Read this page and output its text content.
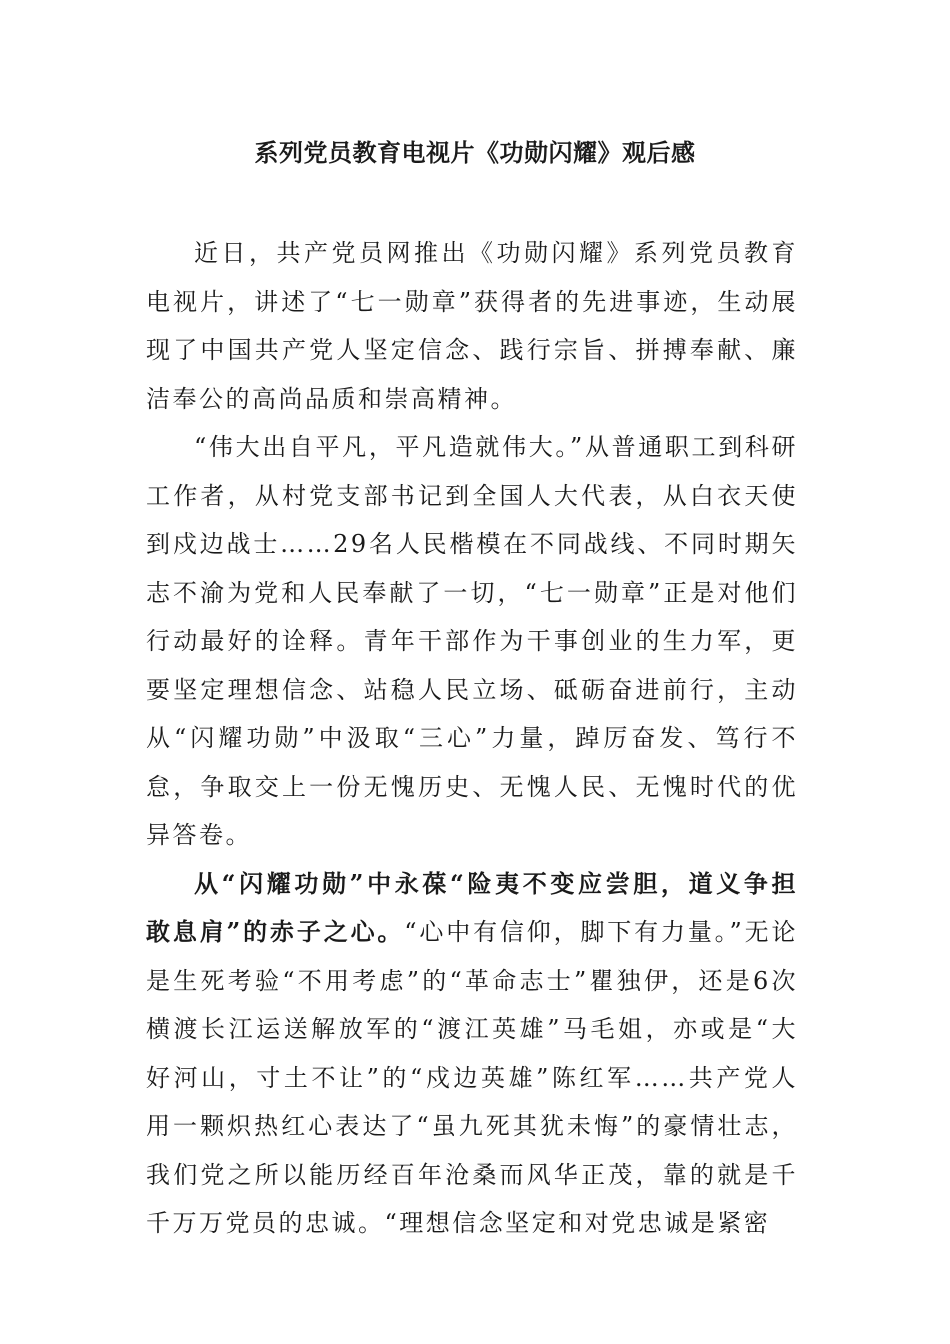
系列党员教育电视片《功勋闪耀》观后感

近日，共产党员网推出《功勋闪耀》系列党员教育电视片，讲述了“七一勋章”获得者的先进事迹，生动展现了中国共产党人坚定信念、践行宗旨、拼搏奉献、廉洁奉公的高尚品质和崇高精神。

“伟大出自平凡，平凡造就伟大。”从普通职工到科研工作者，从村党支部书记到全国人大代表，从白衣天使到戍边战士……29名人民楷模在不同战线、不同时期矢志不渝为党和人民奉献了一切，“七一勋章”正是对他们行动最好的诠释。青年干部作为干事创业的生力军，更要坚定理想信念、站稳人民立场、砥砺奋进前行，主动从“闪耀功勋”中汲取“三心”力量，踔厉奋发、笃行不怠，争取交上一份无愧历史、无愧人民、无愧时代的优异答卷。

从“闪耀功勋”中永葆“险夷不变应尝胆，道义争担敢息肩”的赤子之心。“心中有信仰，脚下有力量。”无论是生死考验“不用考虑”的“革命志士”瞿独伊，还是6次横渡长江运送解放军的“渡江英雄”马毛姐，亦或是“大好河山，寸土不让”的“戍边英雄”陈红军……共产党人用一颗炽热红心表达了“虽九死其犹未悔”的豪情壮志，我们党之所以能历经百年沧桑而风华正茂，靠的就是千千万万党员的忠诚。“理想信念坚定和对党忠诚是紧密
